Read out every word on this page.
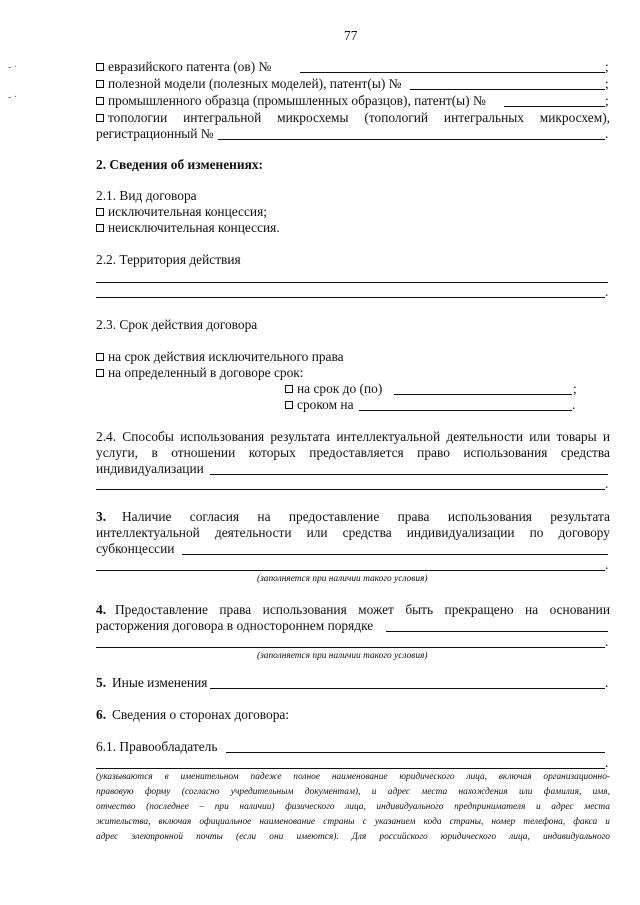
77
- ·
- ·
евразийского патента (ов) №	;
полезной модели (полезных моделей), патент(ы) №	;
промышленного образца (промышленных образцов), патент(ы) №	;
топологии интегральной микросхемы (топологий интегральных микросхем),
регистрационный №	.
2. Сведения об изменениях:
2.1. Вид договора
исключительная концессия;
неисключительная концессия.
2.2. Территория действия
.
2.3. Срок действия договора
на срок действия исключительного права
на определенный в договоре срок:
на срок до (по)	;
сроком на	.
2.4. Способы использования результата интеллектуальной деятельности или товары и
услуги, в отношении которых предоставляется право использования средства
индивидуализации
.
3. Наличие согласия на предоставление права использования результата
интеллектуальной деятельности или средства индивидуализации по договору
субконцессии
.
(заполняется при наличии такого условия)
4. Предоставление права использования может быть прекращено на основании
расторжения договора в одностороннем порядке
.
(заполняется при наличии такого условия)
5. Иные изменения	.
6. Сведения о сторонах договора:
6.1. Правообладатель
.
(указываются в именительном падеже полное наименование юридического лица, включая организационно-
правовую форму (согласно учредительным документам), и адрес места нахождения или фамилия, имя,
отчество (последнее – при наличии) физического лица, индивидуального предпринимателя и адрес места
жительства, включая официальное наименование страны с указанием кода страны, номер телефона, факса и
адрес электронной почты (если они имеются). Для российского юридического лица, индивидуального
